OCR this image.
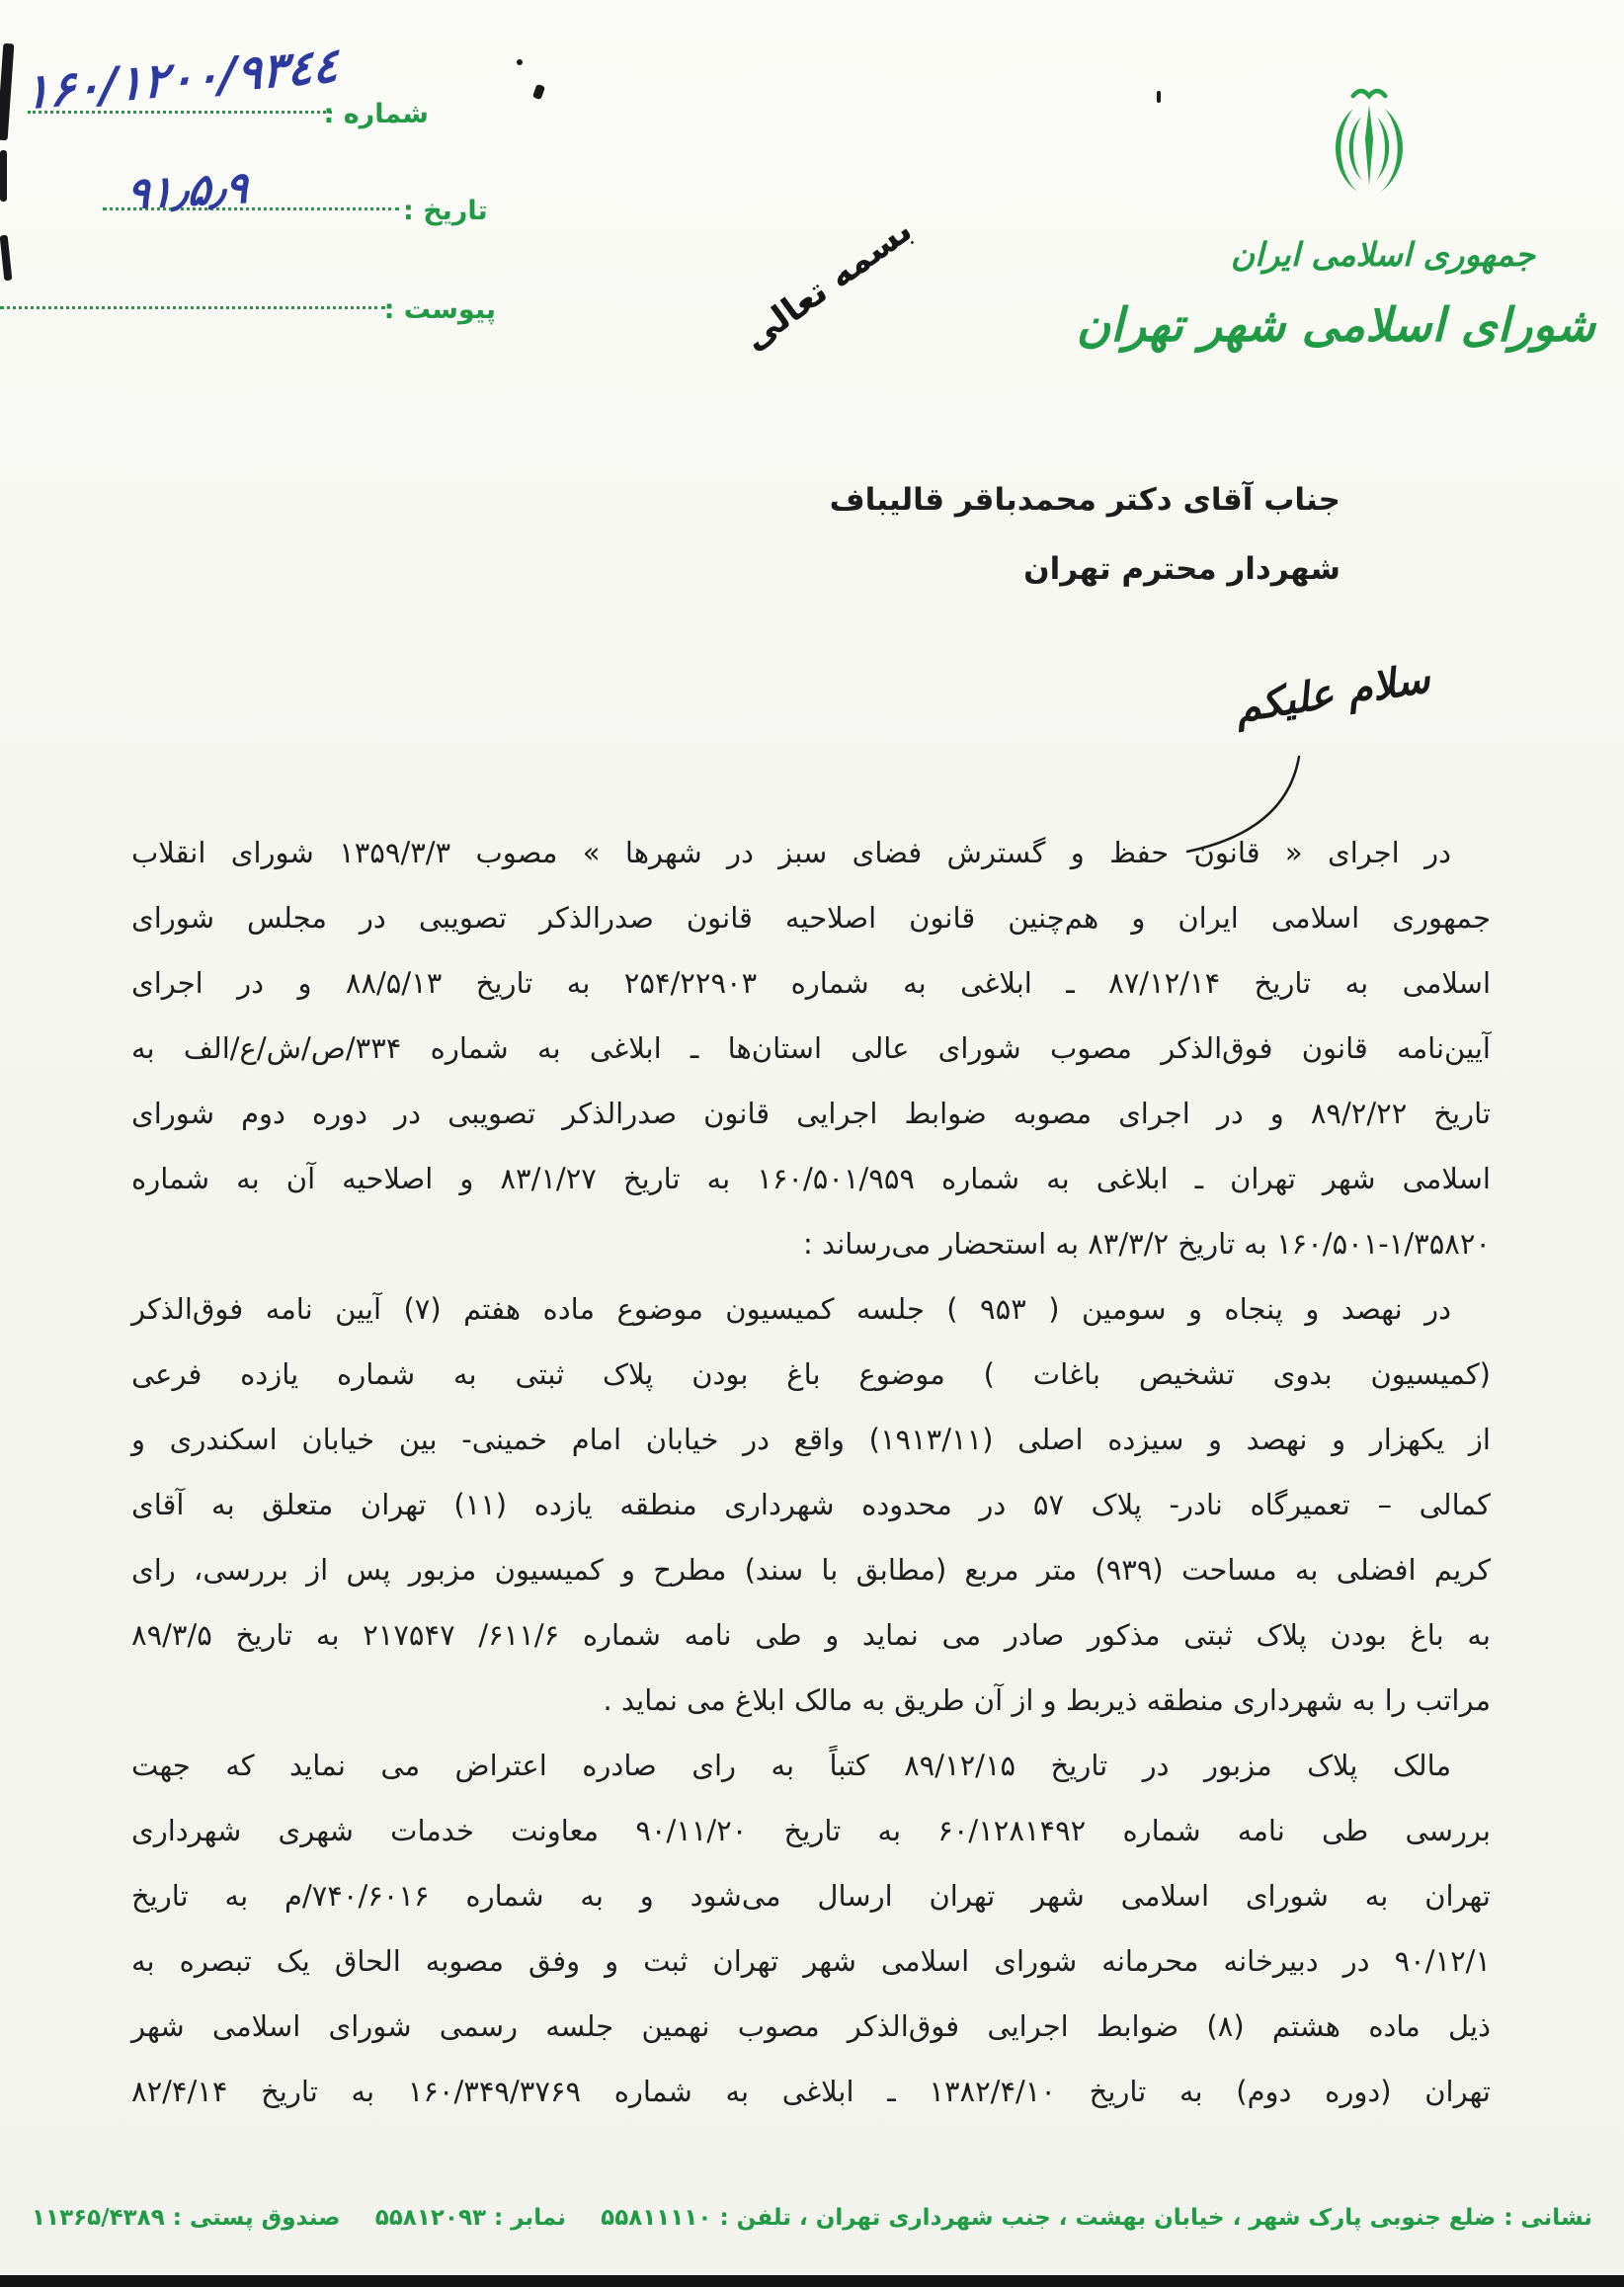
شماره :
۱۶۰/۱۲۰۰/۹۳٤٤
تاریخ :
۹۱٫۵٫۹
پیوست :	بسمه تعالی	جمهوری اسلامی ایران
شورای اسلامی شهر تهران
جناب آقای دکتر محمدباقر قالیباف
شهردار محترم تهران
سلام علیکم
در اجرای « قانون حفظ و گسترش فضای سبز در شهرها » مصوب ۱۳۵۹/۳/۳ شورای انقلاب
جمهوری اسلامی ایران و هم‌چنین قانون اصلاحیه قانون صدرالذکر تصویبی در مجلس شورای
اسلامی به تاریخ ۸۷/۱۲/۱۴ ـ ابلاغی به شماره ۲۵۴/۲۲۹۰۳ به تاریخ ۸۸/۵/۱۳ و در اجرای
آیین‌نامه قانون فوق‌الذکر مصوب شورای عالی استان‌ها ـ ابلاغی به شماره ۳۳۴/ص/ش/ع/الف به
تاریخ ۸۹/۲/۲۲ و در اجرای مصوبه ضوابط اجرایی قانون صدرالذکر تصویبی در دوره دوم شورای
اسلامی شهر تهران ـ ابلاغی به شماره ۱۶۰/۵۰۱/۹۵۹ به تاریخ ۸۳/۱/۲۷ و اصلاحیه آن به شماره
۱۶۰/۵۰۱-۱/۳۵۸۲۰ به تاریخ ۸۳/۳/۲ به استحضار می‌رساند :
در نهصد و پنجاه و سومین ( ۹۵۳ ) جلسه کمیسیون موضوع ماده هفتم (۷) آیین نامه فوق‌الذکر
(کمیسیون بدوی تشخیص باغات ) موضوع باغ بودن پلاک ثبتی به شماره یازده فرعی
از یکهزار و نهصد و سیزده اصلی (۱۹۱۳/۱۱) واقع در خیابان امام خمینی- بین خیابان اسکندری و
کمالی – تعمیرگاه نادر- پلاک ۵۷ در محدوده شهرداری منطقه یازده (۱۱) تهران متعلق به آقای
کریم افضلی به مساحت (۹۳۹) متر مربع (مطابق با سند) مطرح و کمیسیون مزبور پس از بررسی، رای
به باغ بودن پلاک ثبتی مذکور صادر می نماید و طی نامه شماره ۶۱۱/۶/ ۲۱۷۵۴۷ به تاریخ ۸۹/۳/۵
مراتب را به شهرداری منطقه ذیربط و از آن طریق به مالک ابلاغ می نماید .
مالک پلاک مزبور در تاریخ ۸۹/۱۲/۱۵ کتباً به رای صادره اعتراض می نماید که جهت
بررسی طی نامه شماره ۶۰/۱۲۸۱۴۹۲ به تاریخ ۹۰/۱۱/۲۰ معاونت خدمات شهری شهرداری
تهران به شورای اسلامی شهر تهران ارسال می‌شود و به شماره ۷۴۰/۶۰۱۶/م به تاریخ
۹۰/۱۲/۱ در دبیرخانه محرمانه شورای اسلامی شهر تهران ثبت و وفق مصوبه الحاق یک تبصره به
ذیل ماده هشتم (۸) ضوابط اجرایی فوق‌الذکر مصوب نهمین جلسه رسمی شورای اسلامی شهر
تهران (دوره دوم) به تاریخ ۱۳۸۲/۴/۱۰ ـ ابلاغی به شماره ۱۶۰/۳۴۹/۳۷۶۹ به تاریخ ۸۲/۴/۱۴
نشانی : ضلع جنوبی پارک شهر ، خیابان بهشت ، جنب شهرداری تهران ، تلفن : ۵۵۸۱۱۱۱۰
نمابر : ۵۵۸۱۲۰۹۳
صندوق پستی : ۱۱۳۶۵/۴۳۸۹
